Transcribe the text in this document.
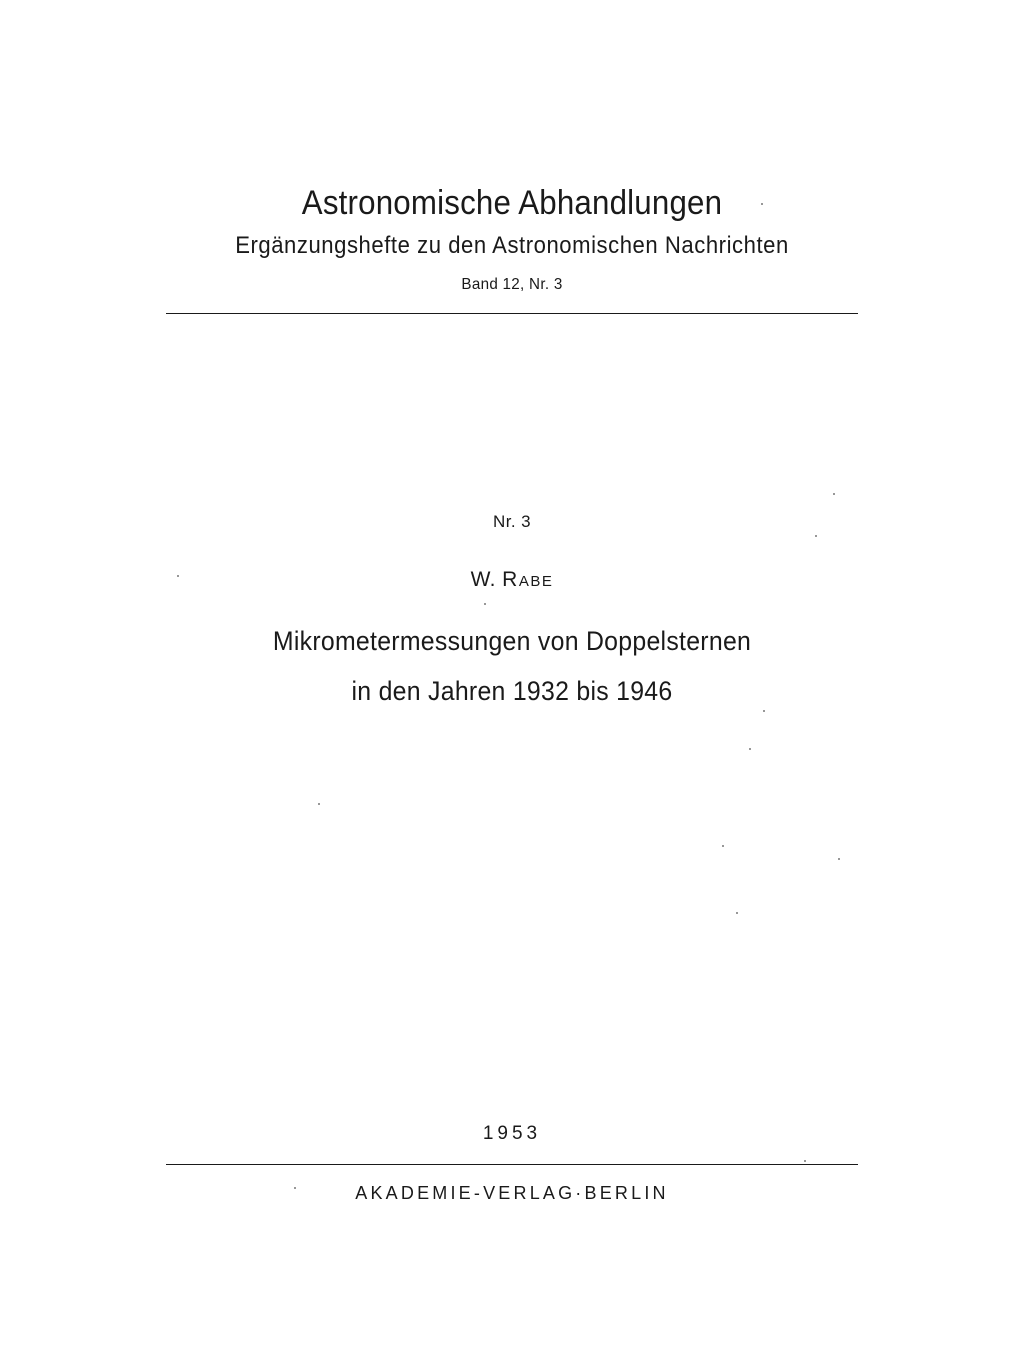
Astronomische Abhandlungen
Ergänzungshefte zu den Astronomischen Nachrichten
Band 12, Nr. 3
Nr. 3
W. Rabe
Mikrometermessungen von Doppelsternen
in den Jahren 1932 bis 1946
1953
AKADEMIE-VERLAG·BERLIN
